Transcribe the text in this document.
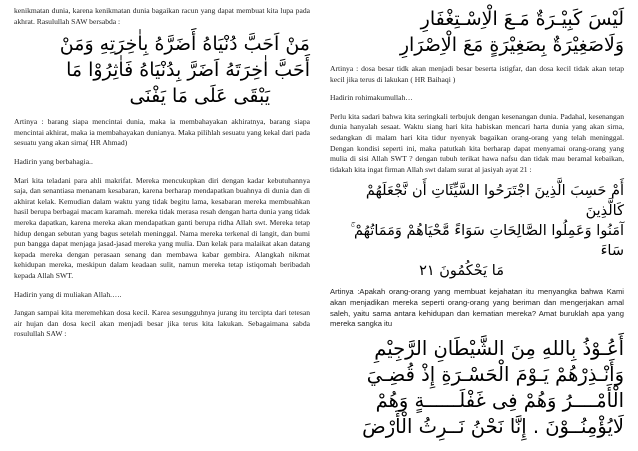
kenikmatan dunia, karena kenikmatan dunia bagaikan racun yang dapat membuat kita lupa pada akhrat. Rasulullah SAW bersabda :

مَنْ اَحَبَّ دُنْيَاهُ أَضَرَّهُ بِاٰخِرَتِهِ وَمَنْ

أَحَبَّ اٰخِرَتَهُ اَضَرَّ بِدُنْيَاهُ فَاٰثِرُوْا مَا

يَبْقَى عَلَى مَا يَفْنَى

Artinya : barang siapa mencintai dunia, maka ia membahayakan akhiratnya, barang siapa mencintai akhirat, maka ia membahayakan dunianya. Maka pilihlah sesuatu yang kekal dari pada sesuatu yang akan sirna( HR Ahmad)

Hadirin yang berbahagia..

Mari kita teladani para ahli makrifat. Mereka mencukupkan diri dengan kadar kebutuhannya saja, dan senantiasa menanam kesabaran, karena berharap mendapatkan buahnya di dunia dan di akhirat kelak. Kemudian dalam waktu yang tidak begitu lama, kesabaran mereka membuahkan hasil berupa berbagai macam karamah. mereka tidak merasa resah dengan harta dunia yang tidak mereka dapatkan, karena mereka akan mendapatkan ganti berupa ridha Allah swt. Mereka tetap hidup dengan sebutan yang bagus setelah meninggal. Nama mereka terkenal di langit, dan bumi pun bangga dapat menjaga jasad-jasad mereka yang mulia. Dan kelak para malaikat akan datang kepada mereka dengan perasaan senang dan membawa kabar gembira. Alangkah nikmat kehidupan mereka, meskipun dalam keadaan sulit, namun mereka tetap istiqomah beribadah kepada Allah SWT.

Hadirin yang di muliakan Allah.….

Jangan sampai kita meremehkan dosa kecil. Karea sesungguhnya jurang itu tercipta dari tetesan air hujan dan dosa kecil akan menjadi besar jika terus kita lakukan. Sebagaimana sabda rosulullah SAW :

لَيْسَ كَبِيْـرَةٌ مَـعَ الْاِسْـتِغْفَارِ

وَلَاصَغِيْرَةٌ بِصَغِيْرَةٍ مَعَ الْاِصْرَارِ

Artinya : dosa besar tidk akan menjadi besar beserta istigfar, dan dosa kecil tidak akan tetap kecil jika terus di lakukan ( HR Baihaqi )

Hadirin rohimakumullah…

Perlu kita sadari bahwa kita seringkali terbujuk dengan kesenangan dunia. Padahal, kesenangan dunia hanyalah sesaat. Waktu siang hari kita habiskan mencari harta dunia yang akan sirna, sedangkan di malam hari kita tidur nyenyak bagaikan orang-orang yang telah meninggal. Dengan kondisi seperti ini, maka patutkah kita berharap dapat menyamai orang-orang yang mulia di sisi Allah SWT ? dengan tubuh terikat hawa nafsu dan tidak mau beramal kebaikan, tidakah kita ingat firman Allah swt dalam surat al jasiyah ayat 21 :

أَمْ حَسِبَ الَّذِينَ اجْتَرَحُوا السَّيِّئَاتِ أَن نَّجْعَلَهُمْ كَالَّذِينَ

آمَنُوا وَعَمِلُوا الصَّالِحَاتِ سَوَاءً مَّحْيَاهُمْ وَمَمَاتُهُمْ ۚ سَاءَ

مَا يَحْكُمُونَ ٢١

Artinya :Apakah orang-orang yang membuat kejahatan itu menyangka bahwa Kami akan menjadikan mereka seperti orang-orang yang beriman dan mengerjakan amal saleh, yaitu sama antara kehidupan dan kematian mereka? Amat buruklah apa yang mereka sangka itu

أَعُـوْذُ بِاللهِ مِنَ الشَّيْطَانِ الرَّجِيْمِ

وَأَنْـذِرْهُمْ يَـوْمَ الْحَسْـرَةِ إِذْ قُضِـيَ

الْأَمْــــرُ وَهُمْ فِى غَفْلَــــــةٍ وَهُمْ

لَايُؤْمِنُــوْنَ . إِنَّا نَحْنُ نَــرِثُ الْأَرْضَ
